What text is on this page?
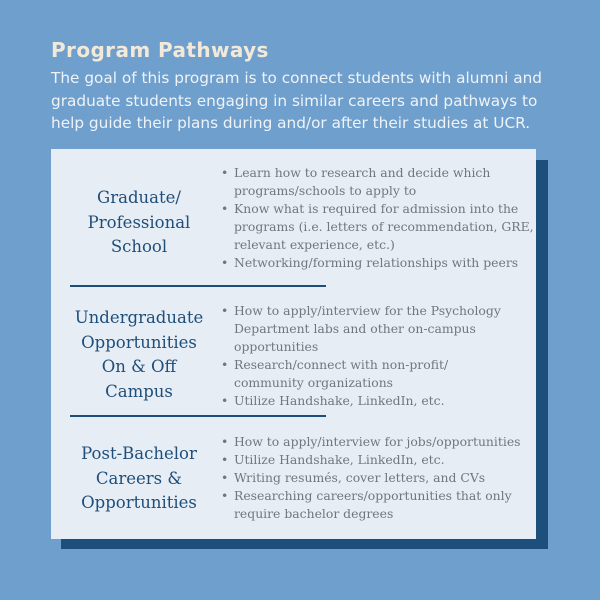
Program Pathways
The goal of this program is to connect students with alumni and
graduate students engaging in similar careers and pathways to
help guide their plans during and/or after their studies at UCR.
Graduate/
Professional
School
• Learn how to research and decide which
programs/schools to apply to
• Know what is required for admission into the
programs (i.e. letters of recommendation, GRE,
relevant experience, etc.)
• Networking/forming relationships with peers
Undergraduate
Opportunities
On & Off
Campus
• How to apply/interview for the Psychology
Department labs and other on-campus
opportunities
• Research/connect with non-profit/
community organizations
• Utilize Handshake, LinkedIn, etc.
Post-Bachelor
Careers &
Opportunities
• How to apply/interview for jobs/opportunities
• Utilize Handshake, LinkedIn, etc.
• Writing resumés, cover letters, and CVs
• Researching careers/opportunities that only
require bachelor degrees
